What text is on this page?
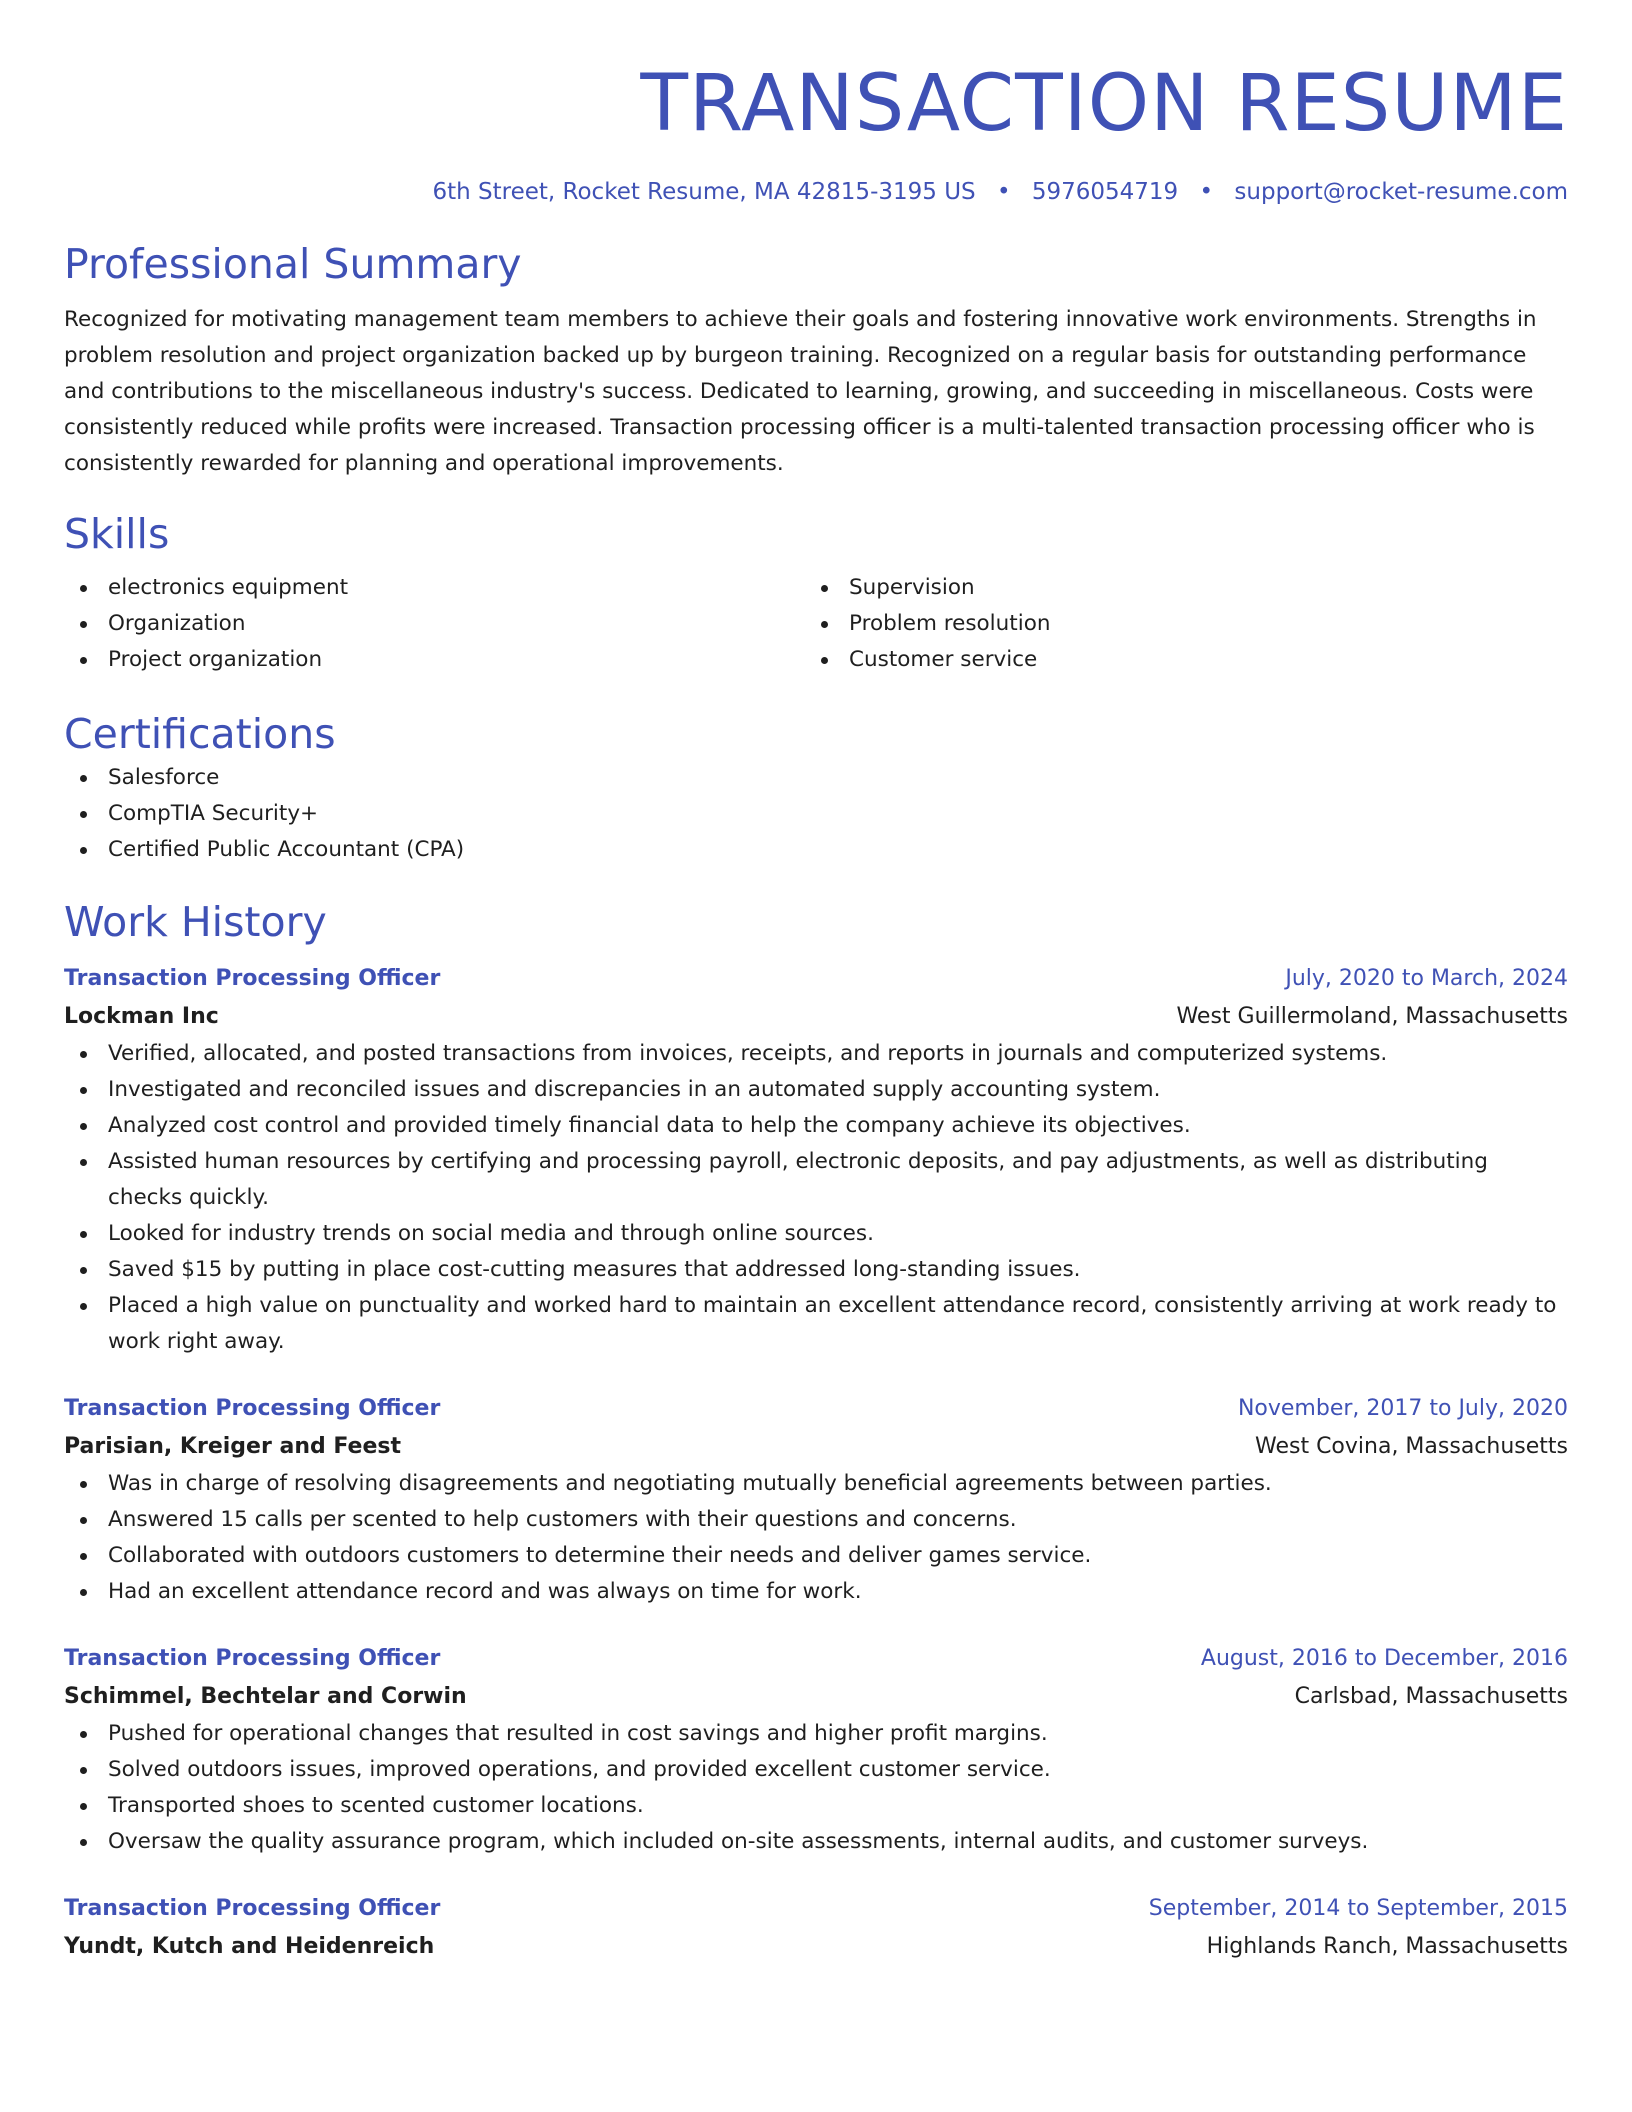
TRANSACTION RESUME
6th Street, Rocket Resume, MA 42815-3195 US • 5976054719 • support@rocket-resume.com
Professional Summary

Recognized for motivating management team members to achieve their goals and fostering innovative work environments. Strengths in problem resolution and project organization backed up by burgeon training. Recognized on a regular basis for outstanding performance and contributions to the miscellaneous industry's success. Dedicated to learning, growing, and succeeding in miscellaneous. Costs were consistently reduced while profits were increased. Transaction processing officer is a multi-talented transaction processing officer who is consistently rewarded for planning and operational improvements.

Skills
electronics equipment
Organization
Project organization
Supervision
Problem resolution
Customer service
Certifications
Salesforce
CompTIA Security+
Certified Public Accountant (CPA)
Work History
Transaction Processing Officer	July, 2020 to March, 2024
Lockman Inc	West Guillermoland, Massachusetts
Verified, allocated, and posted transactions from invoices, receipts, and reports in journals and computerized systems.
Investigated and reconciled issues and discrepancies in an automated supply accounting system.
Analyzed cost control and provided timely financial data to help the company achieve its objectives.
Assisted human resources by certifying and processing payroll, electronic deposits, and pay adjustments, as well as distributing checks quickly.
Looked for industry trends on social media and through online sources.
Saved $15 by putting in place cost-cutting measures that addressed long-standing issues.
Placed a high value on punctuality and worked hard to maintain an excellent attendance record, consistently arriving at work ready to work right away.
Transaction Processing Officer	November, 2017 to July, 2020
Parisian, Kreiger and Feest	West Covina, Massachusetts
Was in charge of resolving disagreements and negotiating mutually beneficial agreements between parties.
Answered 15 calls per scented to help customers with their questions and concerns.
Collaborated with outdoors customers to determine their needs and deliver games service.
Had an excellent attendance record and was always on time for work.
Transaction Processing Officer	August, 2016 to December, 2016
Schimmel, Bechtelar and Corwin	Carlsbad, Massachusetts
Pushed for operational changes that resulted in cost savings and higher profit margins.
Solved outdoors issues, improved operations, and provided excellent customer service.
Transported shoes to scented customer locations.
Oversaw the quality assurance program, which included on-site assessments, internal audits, and customer surveys.
Transaction Processing Officer	September, 2014 to September, 2015
Yundt, Kutch and Heidenreich	Highlands Ranch, Massachusetts
